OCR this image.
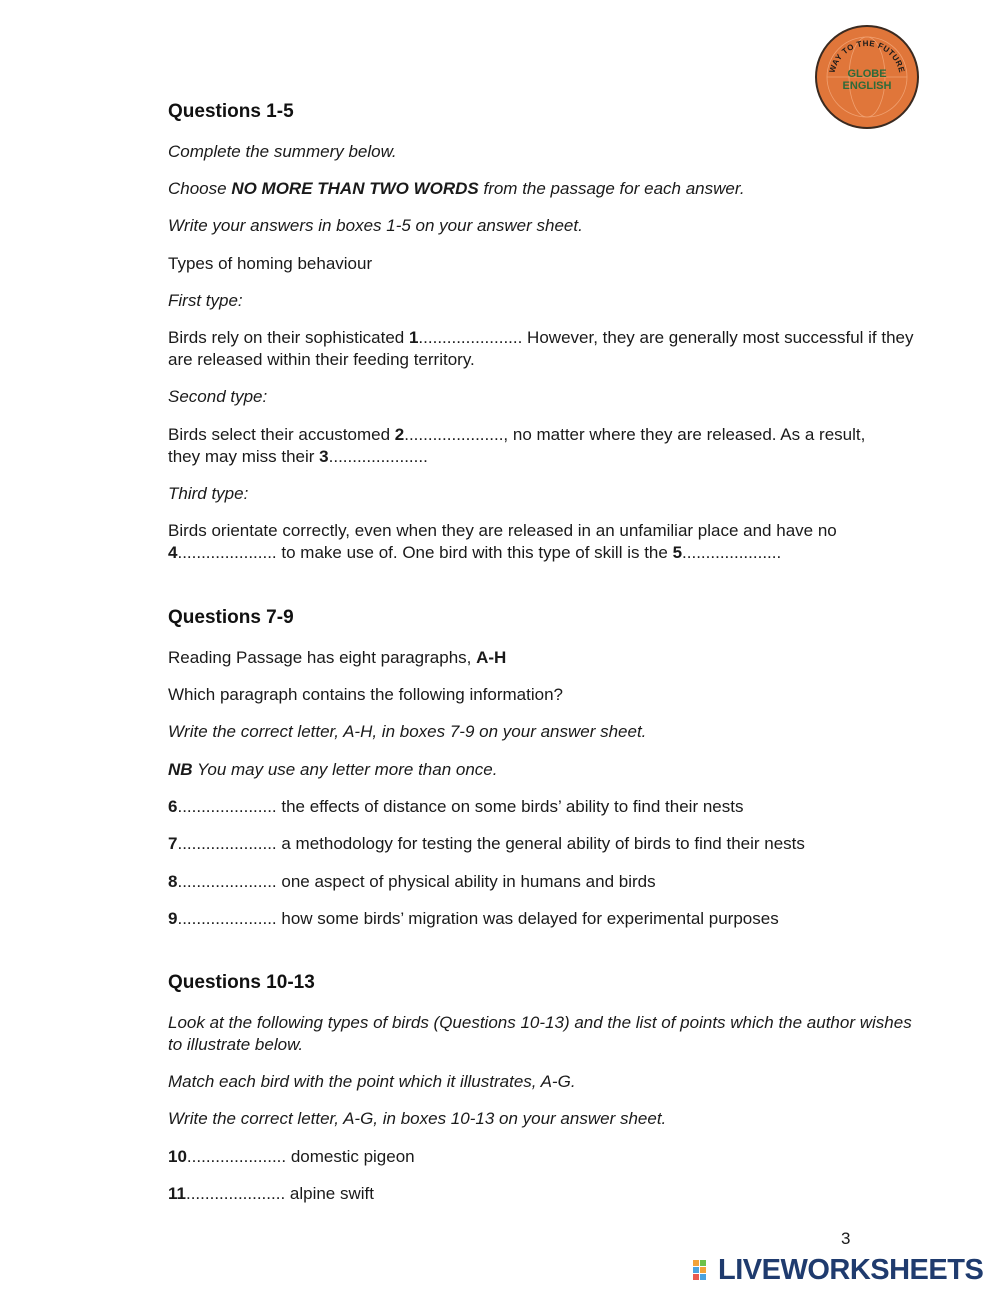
WAY TO THE FUTURE
GLOBE
ENGLISH
Questions 1-5
Complete the summery below.
Choose NO MORE THAN TWO WORDS from the passage for each answer.
Write your answers in boxes 1-5 on your answer sheet.
Types of homing behaviour
First type:
Birds rely on their sophisticated 1...................... However, they are generally most successful if they are released within their feeding territory.
Second type:
Birds select their accustomed 2....................., no matter where they are released. As a result, they may miss their 3.....................
Third type:
Birds orientate correctly, even when they are released in an unfamiliar place and have no 4..................... to make use of. One bird with this type of skill is the 5.....................
Questions 7-9
Reading Passage has eight paragraphs, A-H
Which paragraph contains the following information?
Write the correct letter, A-H, in boxes 7-9 on your answer sheet.
NB You may use any letter more than once.
6..................... the effects of distance on some birds’ ability to find their nests
7..................... a methodology for testing the general ability of birds to find their nests
8..................... one aspect of physical ability in humans and birds
9..................... how some birds’ migration was delayed for experimental purposes
Questions 10-13
Look at the following types of birds (Questions 10-13) and the list of points which the author wishes to illustrate below.
Match each bird with the point which it illustrates, A-G.
Write the correct letter, A-G, in boxes 10-13 on your answer sheet.
10..................... domestic pigeon
11..................... alpine swift
3
LIVEWORKSHEETS
